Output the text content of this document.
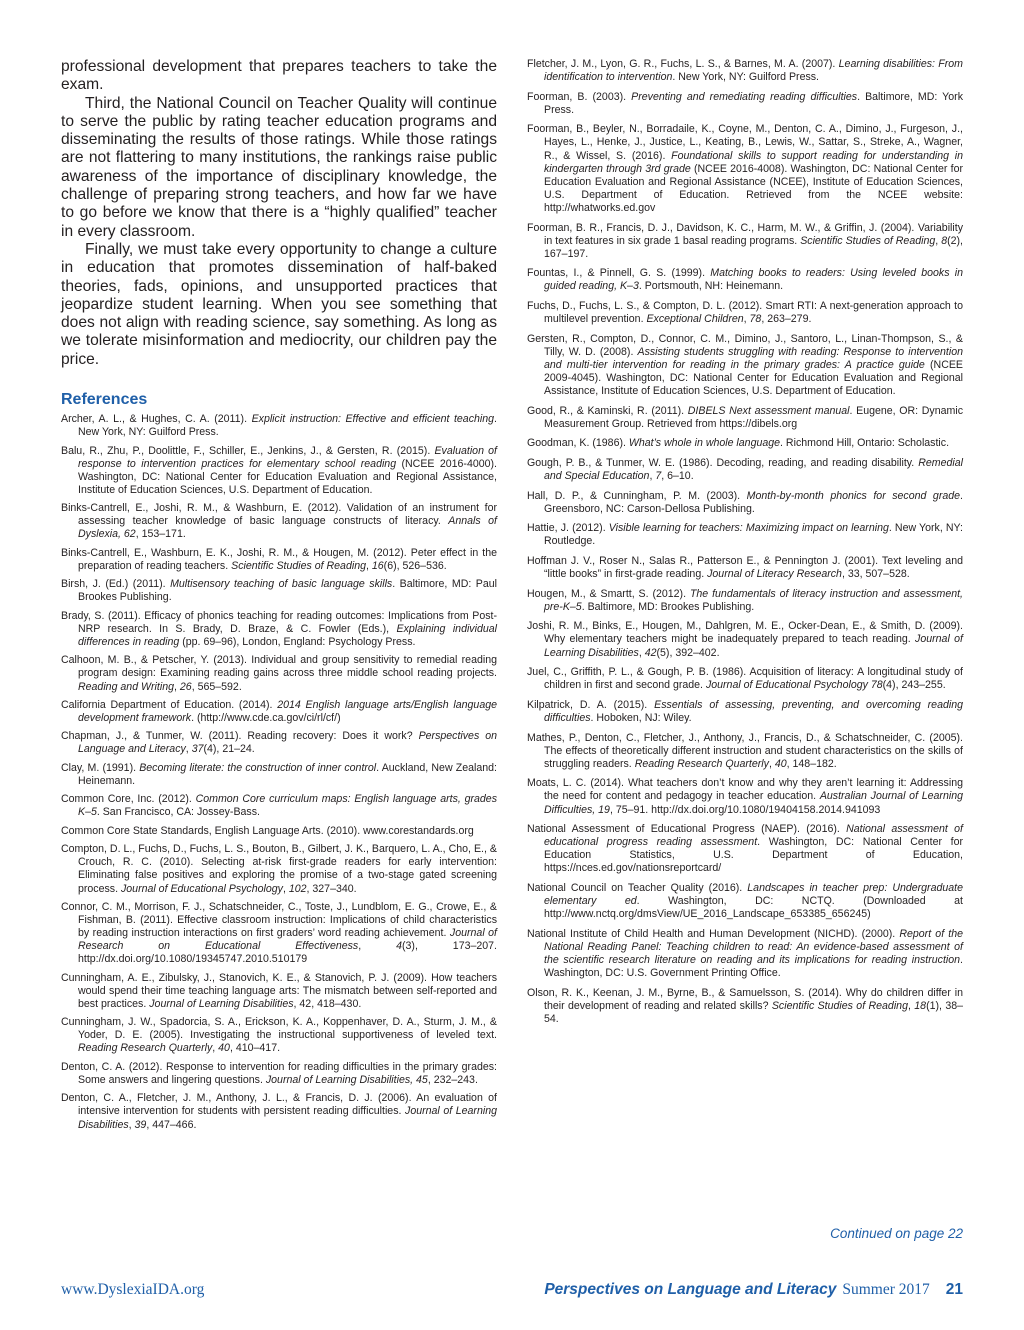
professional development that prepares teachers to take the exam.

Third, the National Council on Teacher Quality will continue to serve the public by rating teacher education programs and disseminating the results of those ratings. While those ratings are not flattering to many institutions, the rankings raise public awareness of the importance of disciplinary knowledge, the challenge of preparing strong teachers, and how far we have to go before we know that there is a “highly qualified” teacher in every classroom.

Finally, we must take every opportunity to change a culture in education that promotes dissemination of half-baked theories, fads, opinions, and unsupported practices that jeopardize student learning. When you see something that does not align with reading science, say something. As long as we tolerate misinformation and mediocrity, our children pay the price.

References

Archer, A. L., & Hughes, C. A. (2011). Explicit instruction: Effective and efficient teaching. New York, NY: Guilford Press.

Balu, R., Zhu, P., Doolittle, F., Schiller, E., Jenkins, J., & Gersten, R. (2015). Evaluation of response to intervention practices for elementary school reading (NCEE 2016-4000). Washington, DC: National Center for Education Evaluation and Regional Assistance, Institute of Education Sciences, U.S. Department of Education.

Binks-Cantrell, E., Joshi, R. M., & Washburn, E. (2012). Validation of an instrument for assessing teacher knowledge of basic language constructs of literacy. Annals of Dyslexia, 62, 153–171.

Binks-Cantrell, E., Washburn, E. K., Joshi, R. M., & Hougen, M. (2012). Peter effect in the preparation of reading teachers. Scientific Studies of Reading, 16(6), 526–536.

Birsh, J. (Ed.) (2011). Multisensory teaching of basic language skills. Baltimore, MD: Paul Brookes Publishing.

Brady, S. (2011). Efficacy of phonics teaching for reading outcomes: Implications from Post-NRP research. In S. Brady, D. Braze, & C. Fowler (Eds.), Explaining individual differences in reading (pp. 69–96), London, England: Psychology Press.

Calhoon, M. B., & Petscher, Y. (2013). Individual and group sensitivity to remedial reading program design: Examining reading gains across three middle school reading projects. Reading and Writing, 26, 565–592.

California Department of Education. (2014). 2014 English language arts/English language development framework. (http://www.cde.ca.gov/ci/rl/cf/)

Chapman, J., & Tunmer, W. (2011). Reading recovery: Does it work? Perspectives on Language and Literacy, 37(4), 21–24.

Clay, M. (1991). Becoming literate: the construction of inner control. Auckland, New Zealand: Heinemann.

Common Core, Inc. (2012). Common Core curriculum maps: English language arts, grades K–5. San Francisco, CA: Jossey-Bass.

Common Core State Standards, English Language Arts. (2010). www.corestandards.org

Compton, D. L., Fuchs, D., Fuchs, L. S., Bouton, B., Gilbert, J. K., Barquero, L. A., Cho, E., & Crouch, R. C. (2010). Selecting at-risk first-grade readers for early intervention: Eliminating false positives and exploring the promise of a two-stage gated screening process. Journal of Educational Psychology, 102, 327–340.

Connor, C. M., Morrison, F. J., Schatschneider, C., Toste, J., Lundblom, E. G., Crowe, E., & Fishman, B. (2011). Effective classroom instruction: Implications of child characteristics by reading instruction interactions on first graders’ word reading achievement. Journal of Research on Educational Effectiveness, 4(3), 173–207. http://dx.doi.org/10.1080/19345747.2010.510179

Cunningham, A. E., Zibulsky, J., Stanovich, K. E., & Stanovich, P. J. (2009). How teachers would spend their time teaching language arts: The mismatch between self-reported and best practices. Journal of Learning Disabilities, 42, 418–430.

Cunningham, J. W., Spadorcia, S. A., Erickson, K. A., Koppenhaver, D. A., Sturm, J. M., & Yoder, D. E. (2005). Investigating the instructional supportiveness of leveled text. Reading Research Quarterly, 40, 410–417.

Denton, C. A. (2012). Response to intervention for reading difficulties in the primary grades: Some answers and lingering questions. Journal of Learning Disabilities, 45, 232–243.

Denton, C. A., Fletcher, J. M., Anthony, J. L., & Francis, D. J. (2006). An evaluation of intensive intervention for students with persistent reading difficulties. Journal of Learning Disabilities, 39, 447–466.

Fletcher, J. M., Lyon, G. R., Fuchs, L. S., & Barnes, M. A. (2007). Learning disabilities: From identification to intervention. New York, NY: Guilford Press.

Foorman, B. (2003). Preventing and remediating reading difficulties. Baltimore, MD: York Press.

Foorman, B., Beyler, N., Borradaile, K., Coyne, M., Denton, C. A., Dimino, J., Furgeson, J., Hayes, L., Henke, J., Justice, L., Keating, B., Lewis, W., Sattar, S., Streke, A., Wagner, R., & Wissel, S. (2016). Foundational skills to support reading for understanding in kindergarten through 3rd grade (NCEE 2016-4008). Washington, DC: National Center for Education Evaluation and Regional Assistance (NCEE), Institute of Education Sciences, U.S. Department of Education. Retrieved from the NCEE website: http://whatworks.ed.gov

Foorman, B. R., Francis, D. J., Davidson, K. C., Harm, M. W., & Griffin, J. (2004). Variability in text features in six grade 1 basal reading programs. Scientific Studies of Reading, 8(2), 167–197.

Fountas, I., & Pinnell, G. S. (1999). Matching books to readers: Using leveled books in guided reading, K–3. Portsmouth, NH: Heinemann.

Fuchs, D., Fuchs, L. S., & Compton, D. L. (2012). Smart RTI: A next-generation approach to multilevel prevention. Exceptional Children, 78, 263–279.

Gersten, R., Compton, D., Connor, C. M., Dimino, J., Santoro, L., Linan-Thompson, S., & Tilly, W. D. (2008). Assisting students struggling with reading: Response to intervention and multi-tier intervention for reading in the primary grades: A practice guide (NCEE 2009-4045). Washington, DC: National Center for Education Evaluation and Regional Assistance, Institute of Education Sciences, U.S. Department of Education.

Good, R., & Kaminski, R. (2011). DIBELS Next assessment manual. Eugene, OR: Dynamic Measurement Group. Retrieved from https://dibels.org

Goodman, K. (1986). What’s whole in whole language. Richmond Hill, Ontario: Scholastic.

Gough, P. B., & Tunmer, W. E. (1986). Decoding, reading, and reading disability. Remedial and Special Education, 7, 6–10.

Hall, D. P., & Cunningham, P. M. (2003). Month-by-month phonics for second grade. Greensboro, NC: Carson-Dellosa Publishing.

Hattie, J. (2012). Visible learning for teachers: Maximizing impact on learning. New York, NY: Routledge.

Hoffman J. V., Roser N., Salas R., Patterson E., & Pennington J. (2001). Text leveling and “little books” in first-grade reading. Journal of Literacy Research, 33, 507–528.

Hougen, M., & Smartt, S. (2012). The fundamentals of literacy instruction and assessment, pre-K–5. Baltimore, MD: Brookes Publishing.

Joshi, R. M., Binks, E., Hougen, M., Dahlgren, M. E., Ocker-Dean, E., & Smith, D. (2009). Why elementary teachers might be inadequately prepared to teach reading. Journal of Learning Disabilities, 42(5), 392–402.

Juel, C., Griffith, P. L., & Gough, P. B. (1986). Acquisition of literacy: A longitudinal study of children in first and second grade. Journal of Educational Psychology 78(4), 243–255.

Kilpatrick, D. A. (2015). Essentials of assessing, preventing, and overcoming reading difficulties. Hoboken, NJ: Wiley.

Mathes, P., Denton, C., Fletcher, J., Anthony, J., Francis, D., & Schatschneider, C. (2005). The effects of theoretically different instruction and student characteristics on the skills of struggling readers. Reading Research Quarterly, 40, 148–182.

Moats, L. C. (2014). What teachers don’t know and why they aren’t learning it: Addressing the need for content and pedagogy in teacher education. Australian Journal of Learning Difficulties, 19, 75–91. http://dx.doi.org/10.1080/19404158.2014.941093

National Assessment of Educational Progress (NAEP). (2016). National assessment of educational progress reading assessment. Washington, DC: National Center for Education Statistics, U.S. Department of Education, https://nces.ed.gov/nationsreportcard/

National Council on Teacher Quality (2016). Landscapes in teacher prep: Undergraduate elementary ed. Washington, DC: NCTQ. (Downloaded at http://www.nctq.org/dmsView/UE_2016_Landscape_653385_656245)

National Institute of Child Health and Human Development (NICHD). (2000). Report of the National Reading Panel: Teaching children to read: An evidence-based assessment of the scientific research literature on reading and its implications for reading instruction. Washington, DC: U.S. Government Printing Office.

Olson, R. K., Keenan, J. M., Byrne, B., & Samuelsson, S. (2014). Why do children differ in their development of reading and related skills? Scientific Studies of Reading, 18(1), 38–54.

Continued on page 22
www.DyslexiaIDA.org	Perspectives on Language and Literacy Summer 2017 21
